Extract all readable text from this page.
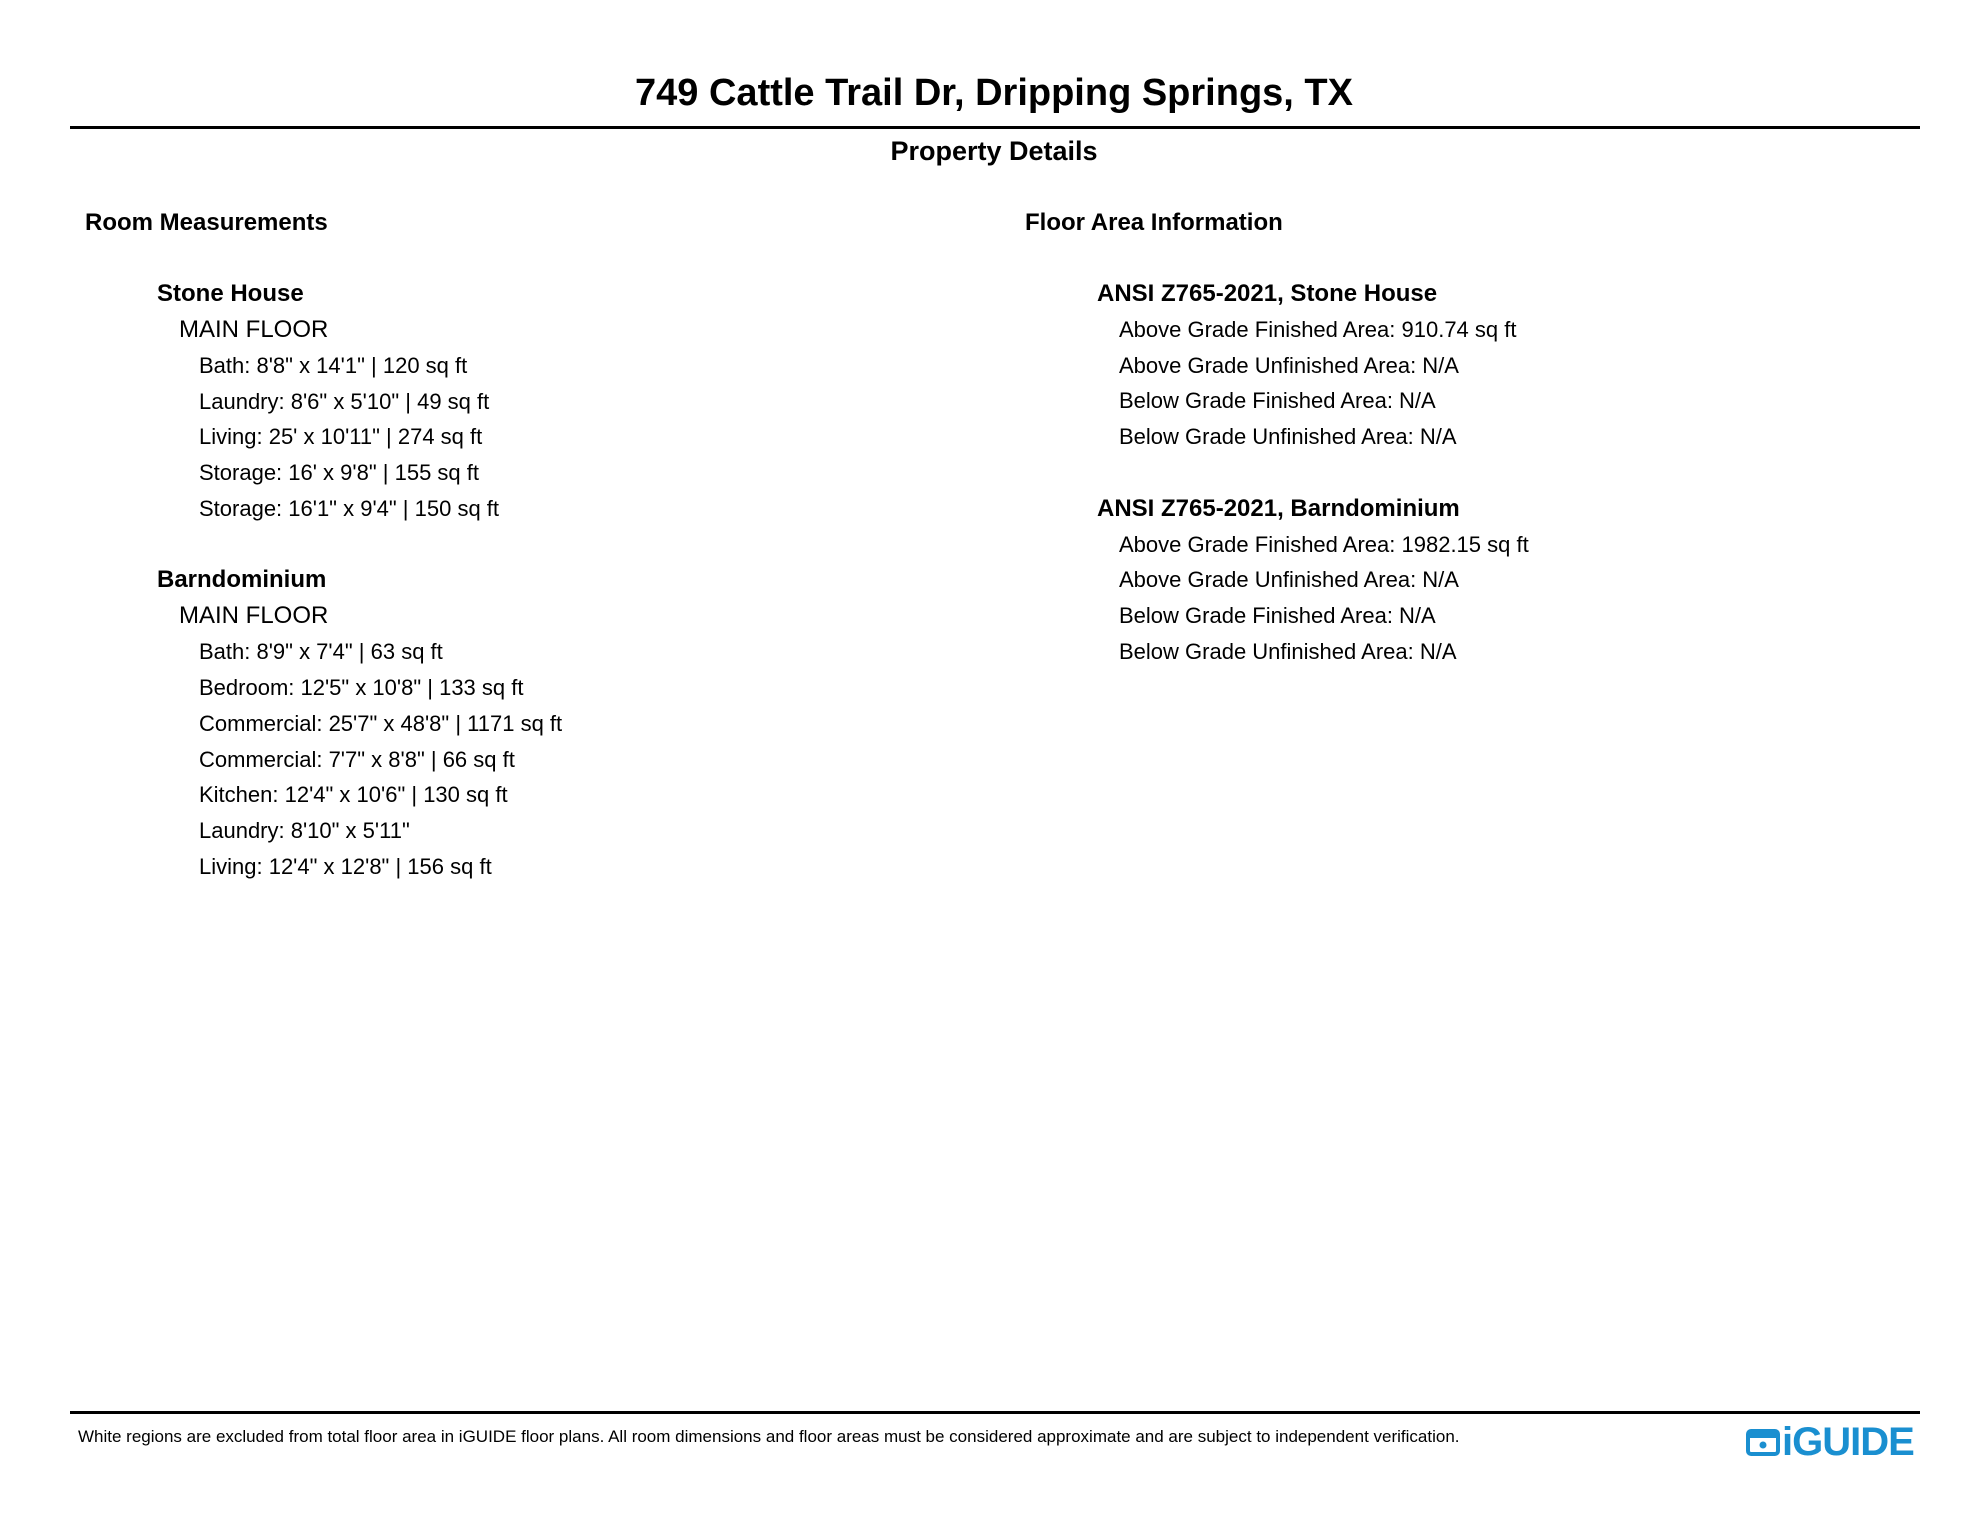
749 Cattle Trail Dr, Dripping Springs, TX
Property Details
Room Measurements
Stone House
MAIN FLOOR
Bath: 8'8" x 14'1" | 120 sq ft
Laundry: 8'6" x 5'10" | 49 sq ft
Living: 25' x 10'11" | 274 sq ft
Storage: 16' x 9'8" | 155 sq ft
Storage: 16'1" x 9'4" | 150 sq ft
Barndominium
MAIN FLOOR
Bath: 8'9" x 7'4" | 63 sq ft
Bedroom: 12'5" x 10'8" | 133 sq ft
Commercial: 25'7" x 48'8" | 1171 sq ft
Commercial: 7'7" x 8'8" | 66 sq ft
Kitchen: 12'4" x 10'6" | 130 sq ft
Laundry: 8'10" x 5'11"
Living: 12'4" x 12'8" | 156 sq ft
Floor Area Information
ANSI Z765-2021, Stone House
Above Grade Finished Area: 910.74 sq ft
Above Grade Unfinished Area: N/A
Below Grade Finished Area: N/A
Below Grade Unfinished Area: N/A
ANSI Z765-2021, Barndominium
Above Grade Finished Area: 1982.15 sq ft
Above Grade Unfinished Area: N/A
Below Grade Finished Area: N/A
Below Grade Unfinished Area: N/A
White regions are excluded from total floor area in iGUIDE floor plans. All room dimensions and floor areas must be considered approximate and are subject to independent verification.	iGUIDE
